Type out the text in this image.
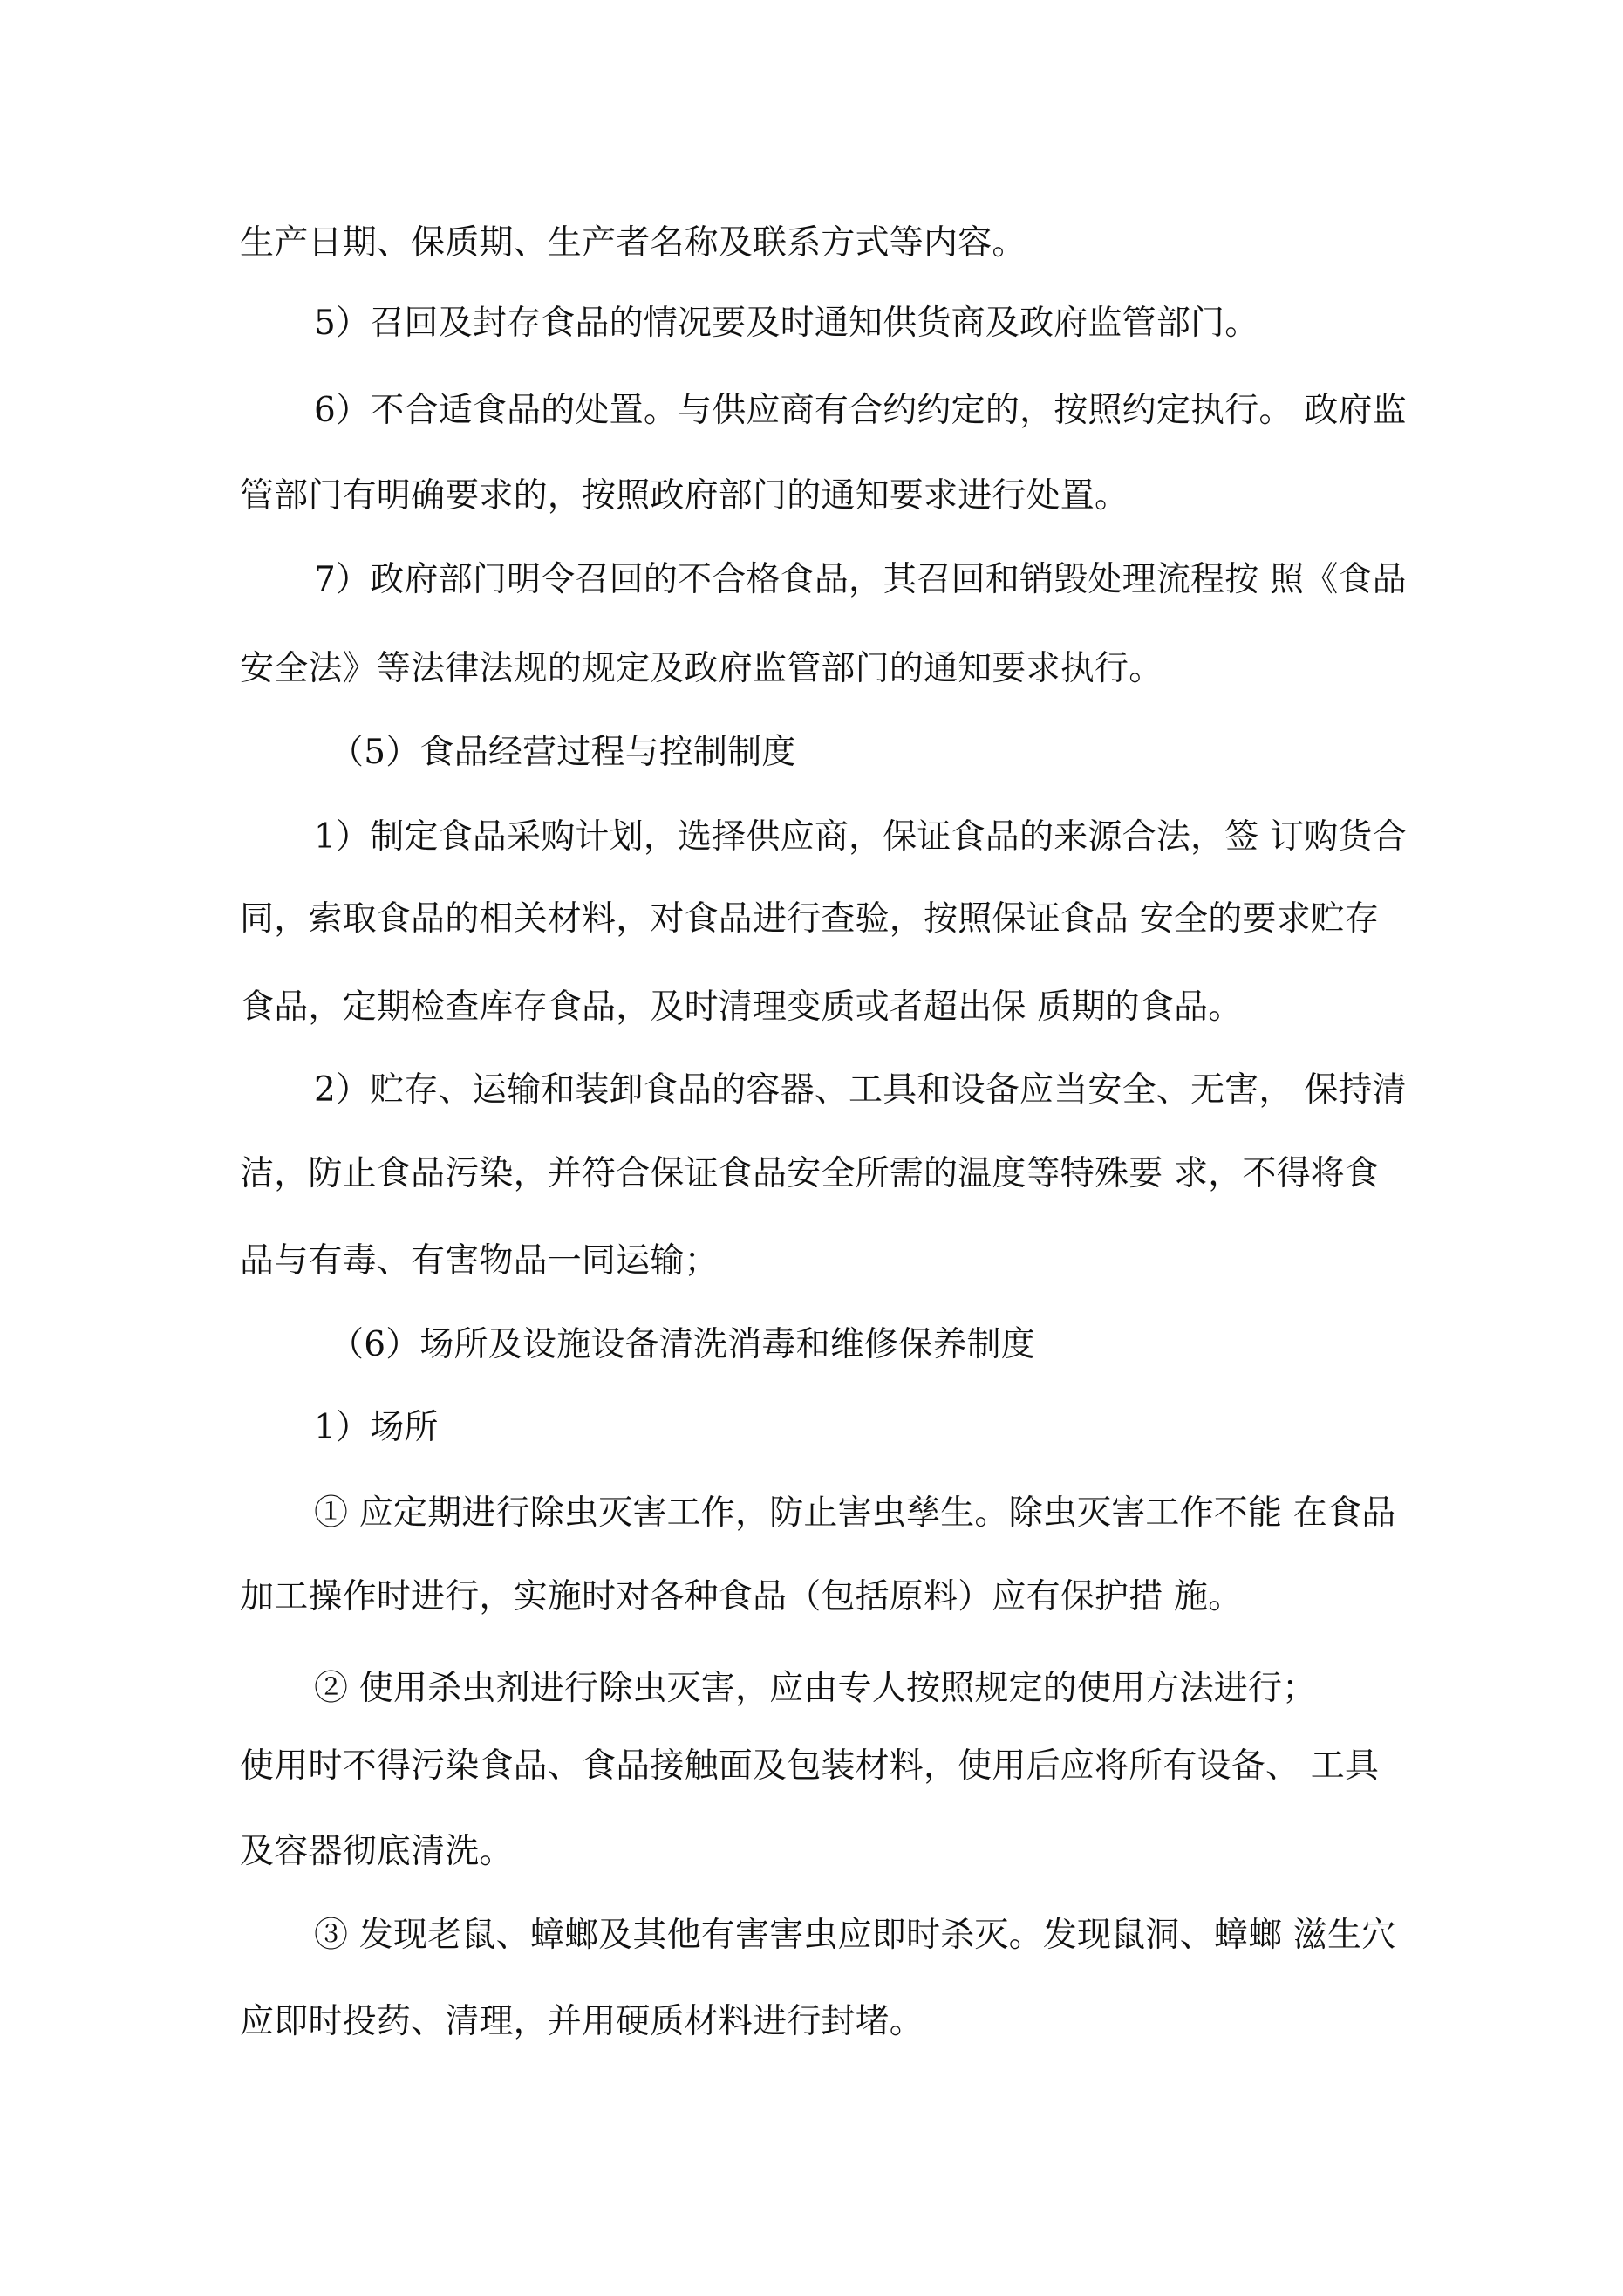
生产日期、保质期、生产者名称及联系方式等内容。
5）召回及封存食品的情况要及时通知供货商及政府监管部门。
6）不合适食品的处置。与供应商有合约约定的，按照约定执行。 政府监
管部门有明确要求的，按照政府部门的通知要求进行处置。
7）政府部门明令召回的不合格食品，其召回和销毁处理流程按 照《食品
安全法》等法律法规的规定及政府监管部门的通知要求执行。
（5）食品经营过程与控制制度
1）制定食品采购计划，选择供应商，保证食品的来源合法，签 订购货合
同，索取食品的相关材料，对食品进行查验，按照保证食品 安全的要求贮存
食品，定期检查库存食品，及时清理变质或者超出保 质期的食品。
2）贮存、运输和装卸食品的容器、工具和设备应当安全、无害， 保持清
洁，防止食品污染，并符合保证食品安全所需的温度等特殊要 求，不得将食
品与有毒、有害物品一同运输；
（6）场所及设施设备清洗消毒和维修保养制度
1）场所
① 应定期进行除虫灭害工作，防止害虫孳生。除虫灭害工作不能 在食品
加工操作时进行，实施时对各种食品（包括原料）应有保护措 施。
② 使用杀虫剂进行除虫灭害，应由专人按照规定的使用方法进行；
使用时不得污染食品、食品接触面及包装材料，使用后应将所有设备、 工具
及容器彻底清洗。
③ 发现老鼠、蟑螂及其他有害害虫应即时杀灭。发现鼠洞、蟑螂 滋生穴
应即时投药、清理，并用硬质材料进行封堵。
